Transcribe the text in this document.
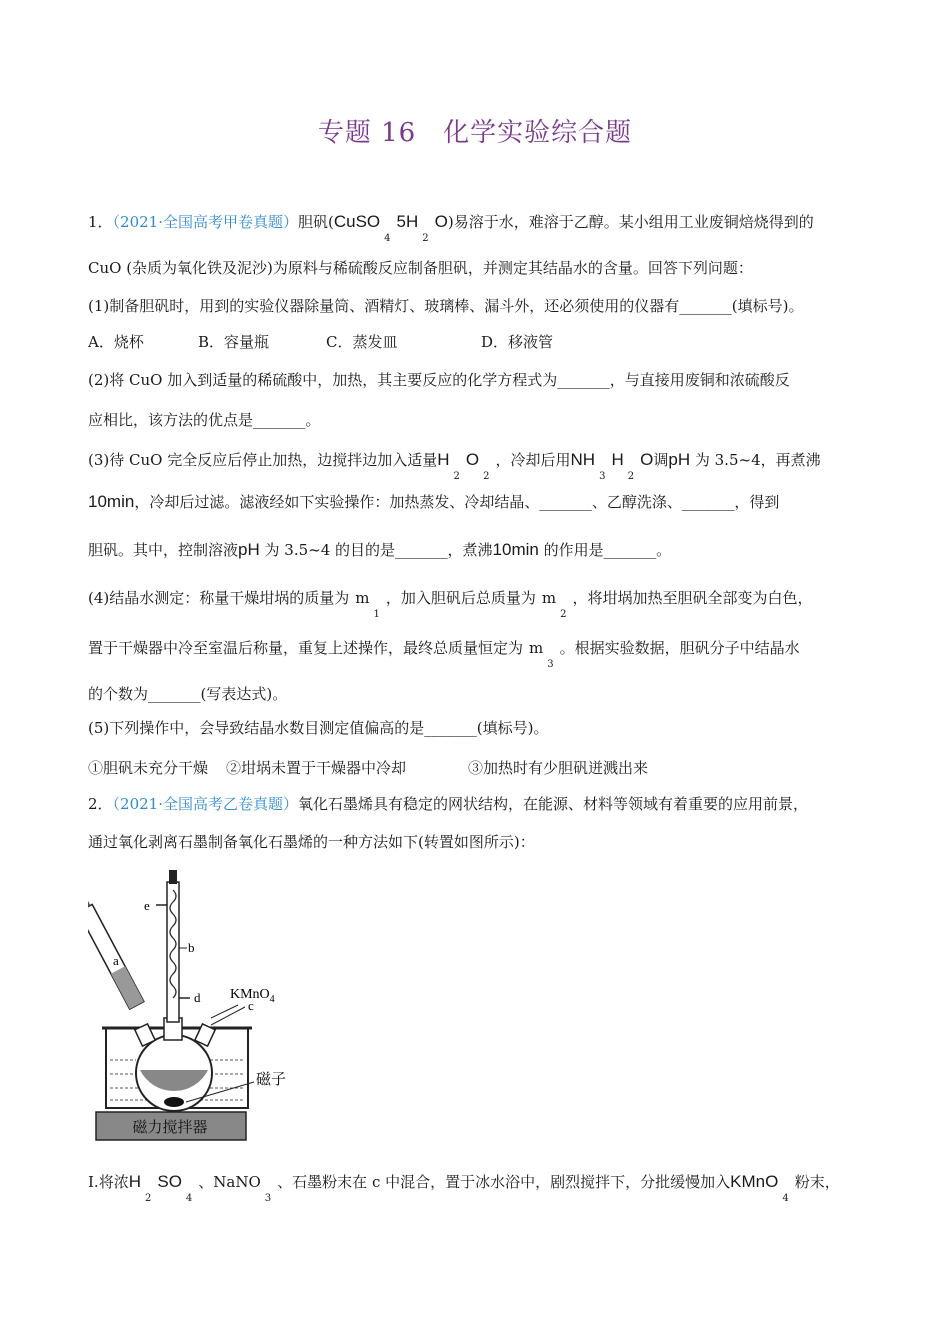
专题 16　化学实验综合题
1．（2021·全国高考甲卷真题）胆矾$(CuSO_45H_2O)$易溶于水，难溶于乙醇。某小组用工业废铜焙烧得到的
CuO (杂质为氧化铁及泥沙)为原料与稀硫酸反应制备胆矾，并测定其结晶水的含量。回答下列问题：
(1)制备胆矾时，用到的实验仪器除量筒、酒精灯、玻璃棒、漏斗外，还必须使用的仪器有_______(填标号)。
A．烧杯	B．容量瓶	C．蒸发皿	D．移液管
(2)将 CuO 加入到适量的稀硫酸中，加热，其主要反应的化学方程式为_______，与直接用废铜和浓硫酸反
应相比，该方法的优点是_______。
(3)待 CuO 完全反应后停止加热，边搅拌边加入适量$H_2O_2$，冷却后用$NH_3H_2O$调pH 为 3.5~4，再煮沸
10min，冷却后过滤。滤液经如下实验操作：加热蒸发、冷却结晶、_______、乙醇洗涤、_______，得到
胆矾。其中，控制溶液pH 为 3.5~4 的目的是_______，煮沸10min 的作用是_______。
(4)结晶水测定：称量干燥坩埚的质量为 $m_1$，加入胆矾后总质量为 $m_2$，将坩埚加热至胆矾全部变为白色，
置于干燥器中冷至室温后称量，重复上述操作，最终总质量恒定为 $m_3$。根据实验数据，胆矾分子中结晶水
的个数为_______(写表达式)。
(5)下列操作中，会导致结晶水数目测定值偏高的是_______(填标号)。
①胆矾未充分干燥 ②坩埚未置于干燥器中冷却	③加热时有少胆矾迸溅出来
2．（2021·全国高考乙卷真题）氧化石墨烯具有稳定的网状结构，在能源、材料等领域有着重要的应用前景，
通过氧化剥离石墨制备氧化石墨烯的一种方法如下(转置如图所示)：
a
b
c
d
e
KMnO$_4$
磁子
磁力搅拌器
Ⅰ.将浓$H_2SO_4$、NaNO$_3$、石墨粉末在 c 中混合，置于冰水浴中，剧烈搅拌下，分批缓慢加入KMnO$_4$粉末，
